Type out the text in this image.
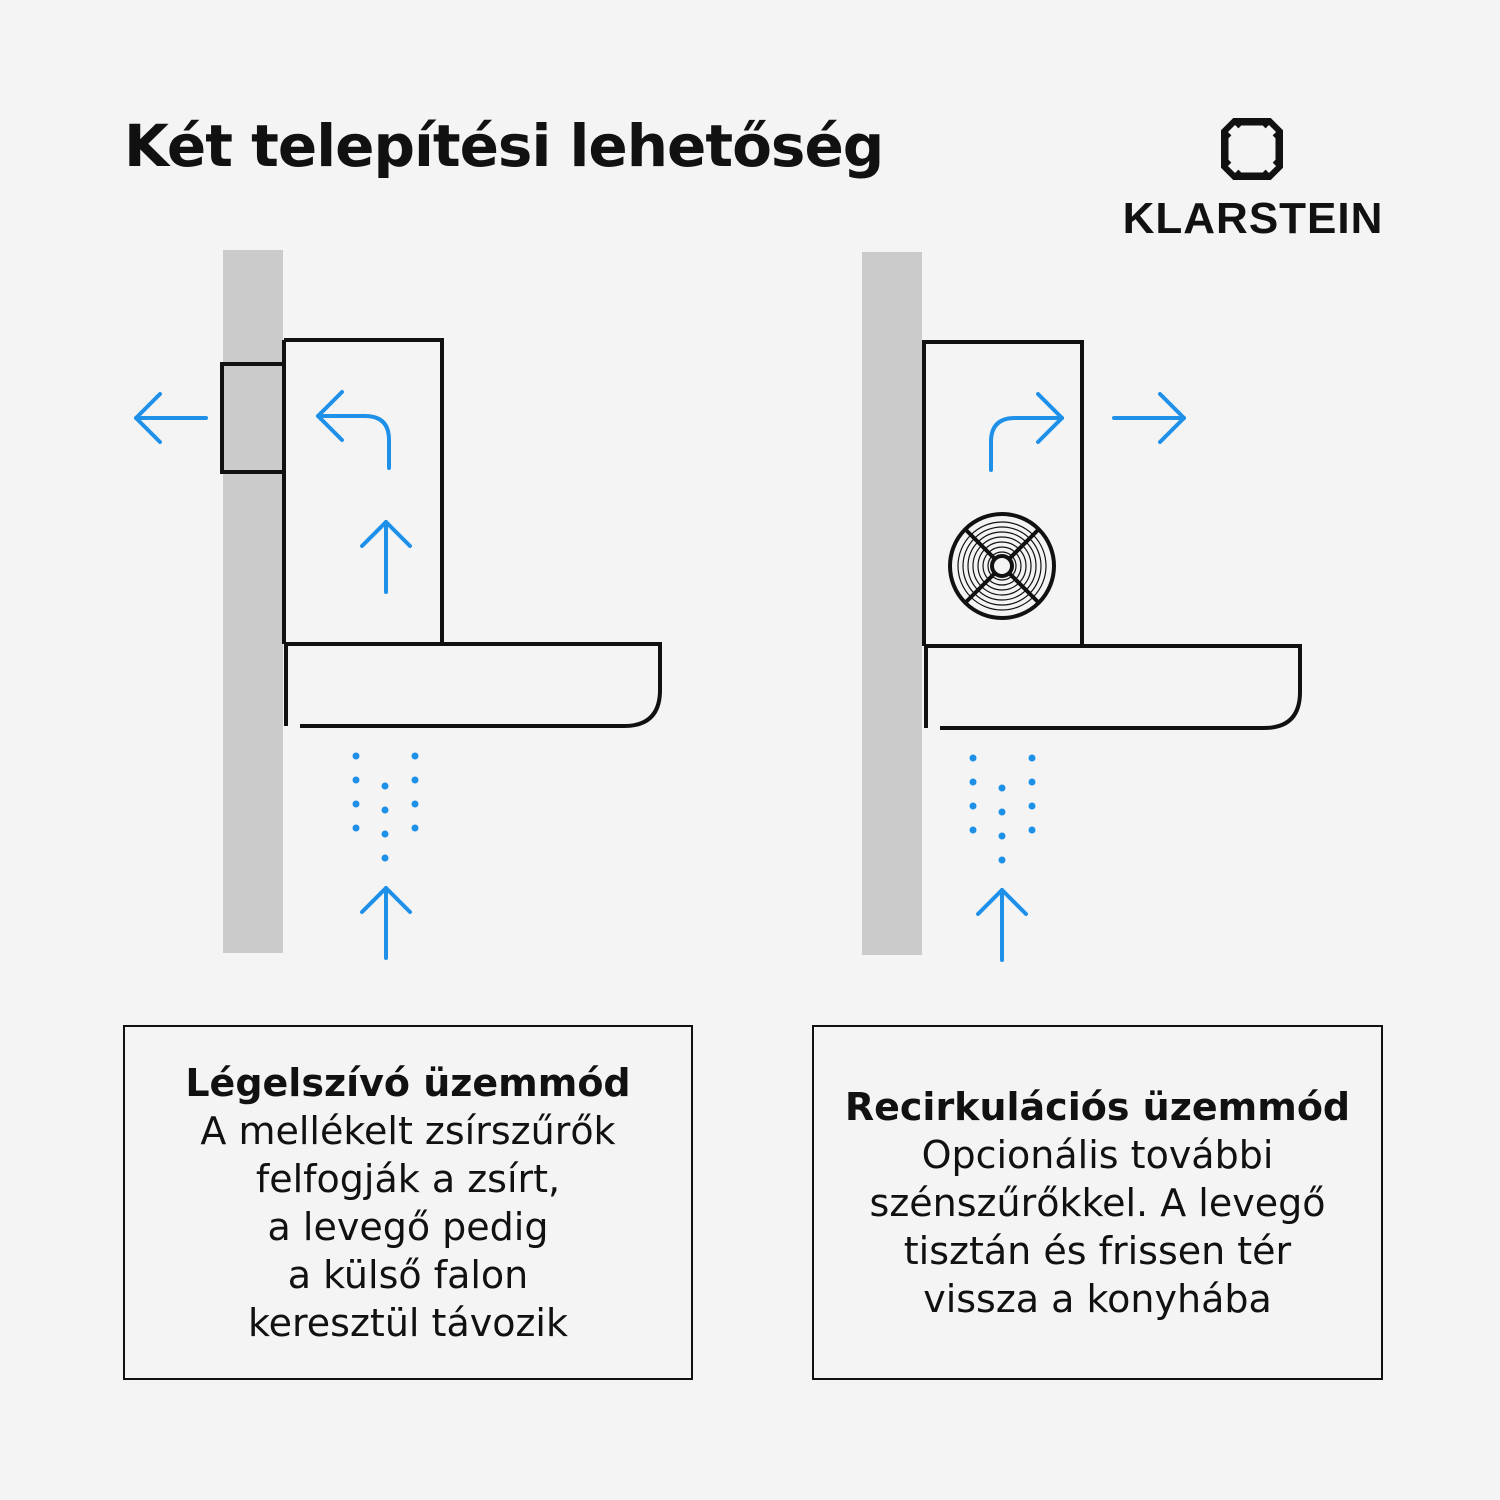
Két telepítési lehetőség
KLARSTEIN
Légelszívó üzemmód
A mellékelt zsírszűrők
felfogják a zsírt,
a levegő pedig
a külső falon
keresztül távozik
Recirkulációs üzemmód
Opcionális további
szénszűrőkkel. A levegő
tisztán és frissen tér
vissza a konyhába
